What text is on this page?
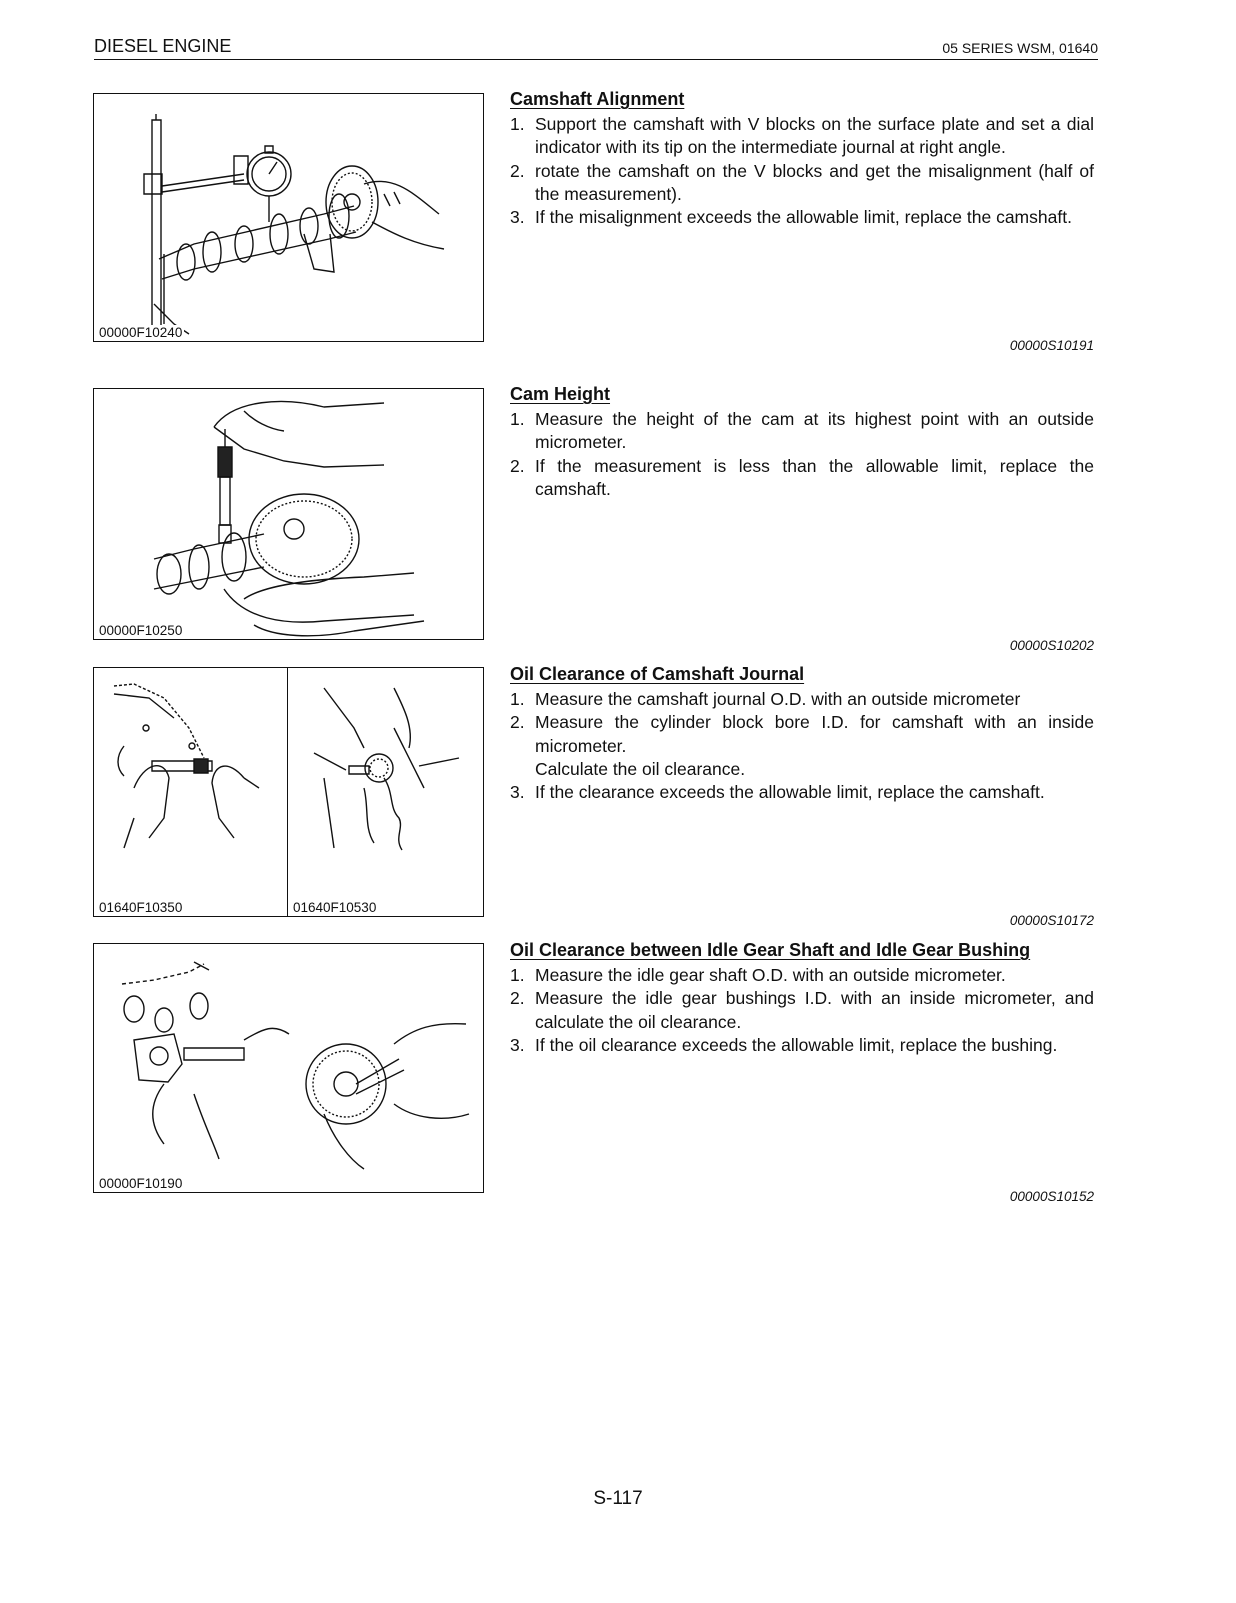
DIESEL ENGINE	05 SERIES WSM, 01640
00000F10240
00000F10250
01640F10350	01640F10530
00000F10190
Camshaft Alignment
1. Support the camshaft with V blocks on the surface plate and set a dial indicator with its tip on the intermediate journal at right angle.
2. rotate the camshaft on the V blocks and get the misalignment (half of the measurement).
3. If the misalignment exceeds the allowable limit, replace the camshaft.
00000S10191
Cam Height
1. Measure the height of the cam at its highest point with an outside micrometer.
2. If the measurement is less than the allowable limit, replace the camshaft.
00000S10202
Oil Clearance of Camshaft Journal
1. Measure the camshaft journal O.D. with an outside micrometer
2. Measure the cylinder block bore I.D. for camshaft with an inside micrometer.
Calculate the oil clearance.
3. If the clearance exceeds the allowable limit, replace the camshaft.
00000S10172
Oil Clearance between Idle Gear Shaft and Idle Gear Bushing
1. Measure the idle gear shaft O.D. with an outside micrometer.
2. Measure the idle gear bushings I.D. with an inside micrometer, and calculate the oil clearance.
3. If the oil clearance exceeds the allowable limit, replace the bushing.
00000S10152
S-117
